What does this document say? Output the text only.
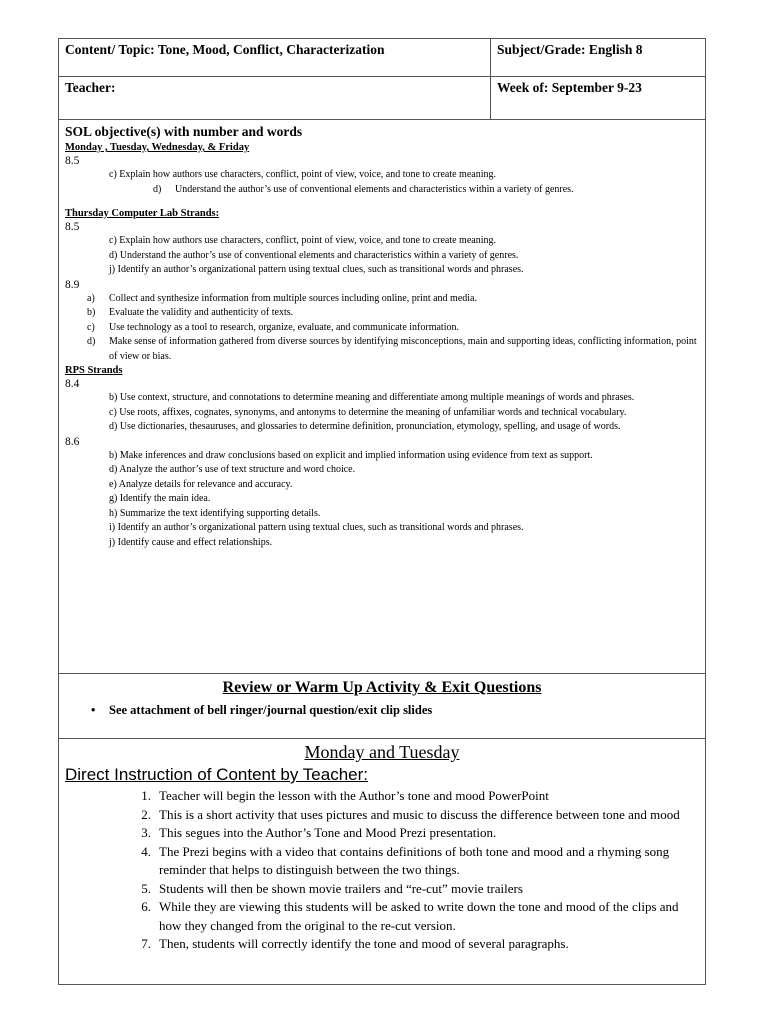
Content/ Topic: Tone, Mood, Conflict, Characterization	Subject/Grade: English 8
Teacher:	Week of: September 9-23
SOL objective(s) with number and words
Monday , Tuesday, Wednesday, & Friday
8.5
c) Explain how authors use characters, conflict, point of view, voice, and tone to create meaning.
d)	Understand the author’s use of conventional elements and characteristics within a variety of genres.
Thursday Computer Lab Strands:
8.5
c) Explain how authors use characters, conflict, point of view, voice, and tone to create meaning.
d) Understand the author’s use of conventional elements and characteristics within a variety of genres.
j) Identify an author’s organizational pattern using textual clues, such as transitional words and phrases.
8.9
a)	Collect and synthesize information from multiple sources including online, print and media.
b)	Evaluate the validity and authenticity of texts.
c)	Use technology as a tool to research, organize, evaluate, and communicate information.
d)	Make sense of information gathered from diverse sources by identifying misconceptions, main and supporting ideas, conflicting information, point of view or bias.
RPS Strands
8.4
b) Use context, structure, and connotations to determine meaning and differentiate among multiple meanings of words and phrases.
c) Use roots, affixes, cognates, synonyms, and antonyms to determine the meaning of unfamiliar words and technical vocabulary.
d) Use dictionaries, thesauruses, and glossaries to determine definition, pronunciation, etymology, spelling, and usage of words.
8.6
b) Make inferences and draw conclusions based on explicit and implied information using evidence from text as support.
d) Analyze the author’s use of text structure and word choice.
e) Analyze details for relevance and accuracy.
g) Identify the main idea.
h) Summarize the text identifying supporting details.
i) Identify an author’s organizational pattern using textual clues, such as transitional words and phrases.
j) Identify cause and effect relationships.
Review or Warm Up Activity & Exit Questions
•	See attachment of bell ringer/journal question/exit clip slides
Monday and Tuesday
Direct Instruction of Content by Teacher:
1. Teacher will begin the lesson with the Author’s tone and mood PowerPoint
2. This is a short activity that uses pictures and music to discuss the difference between tone and mood
3. This segues into the Author’s Tone and Mood Prezi presentation.
4. The Prezi begins with a video that contains definitions of both tone and mood and a rhyming song reminder that helps to distinguish between the two things.
5. Students will then be shown movie trailers and “re-cut” movie trailers
6. While they are viewing this students will be asked to write down the tone and mood of the clips and how they changed from the original to the re-cut version.
7. Then, students will correctly identify the tone and mood of several paragraphs.
